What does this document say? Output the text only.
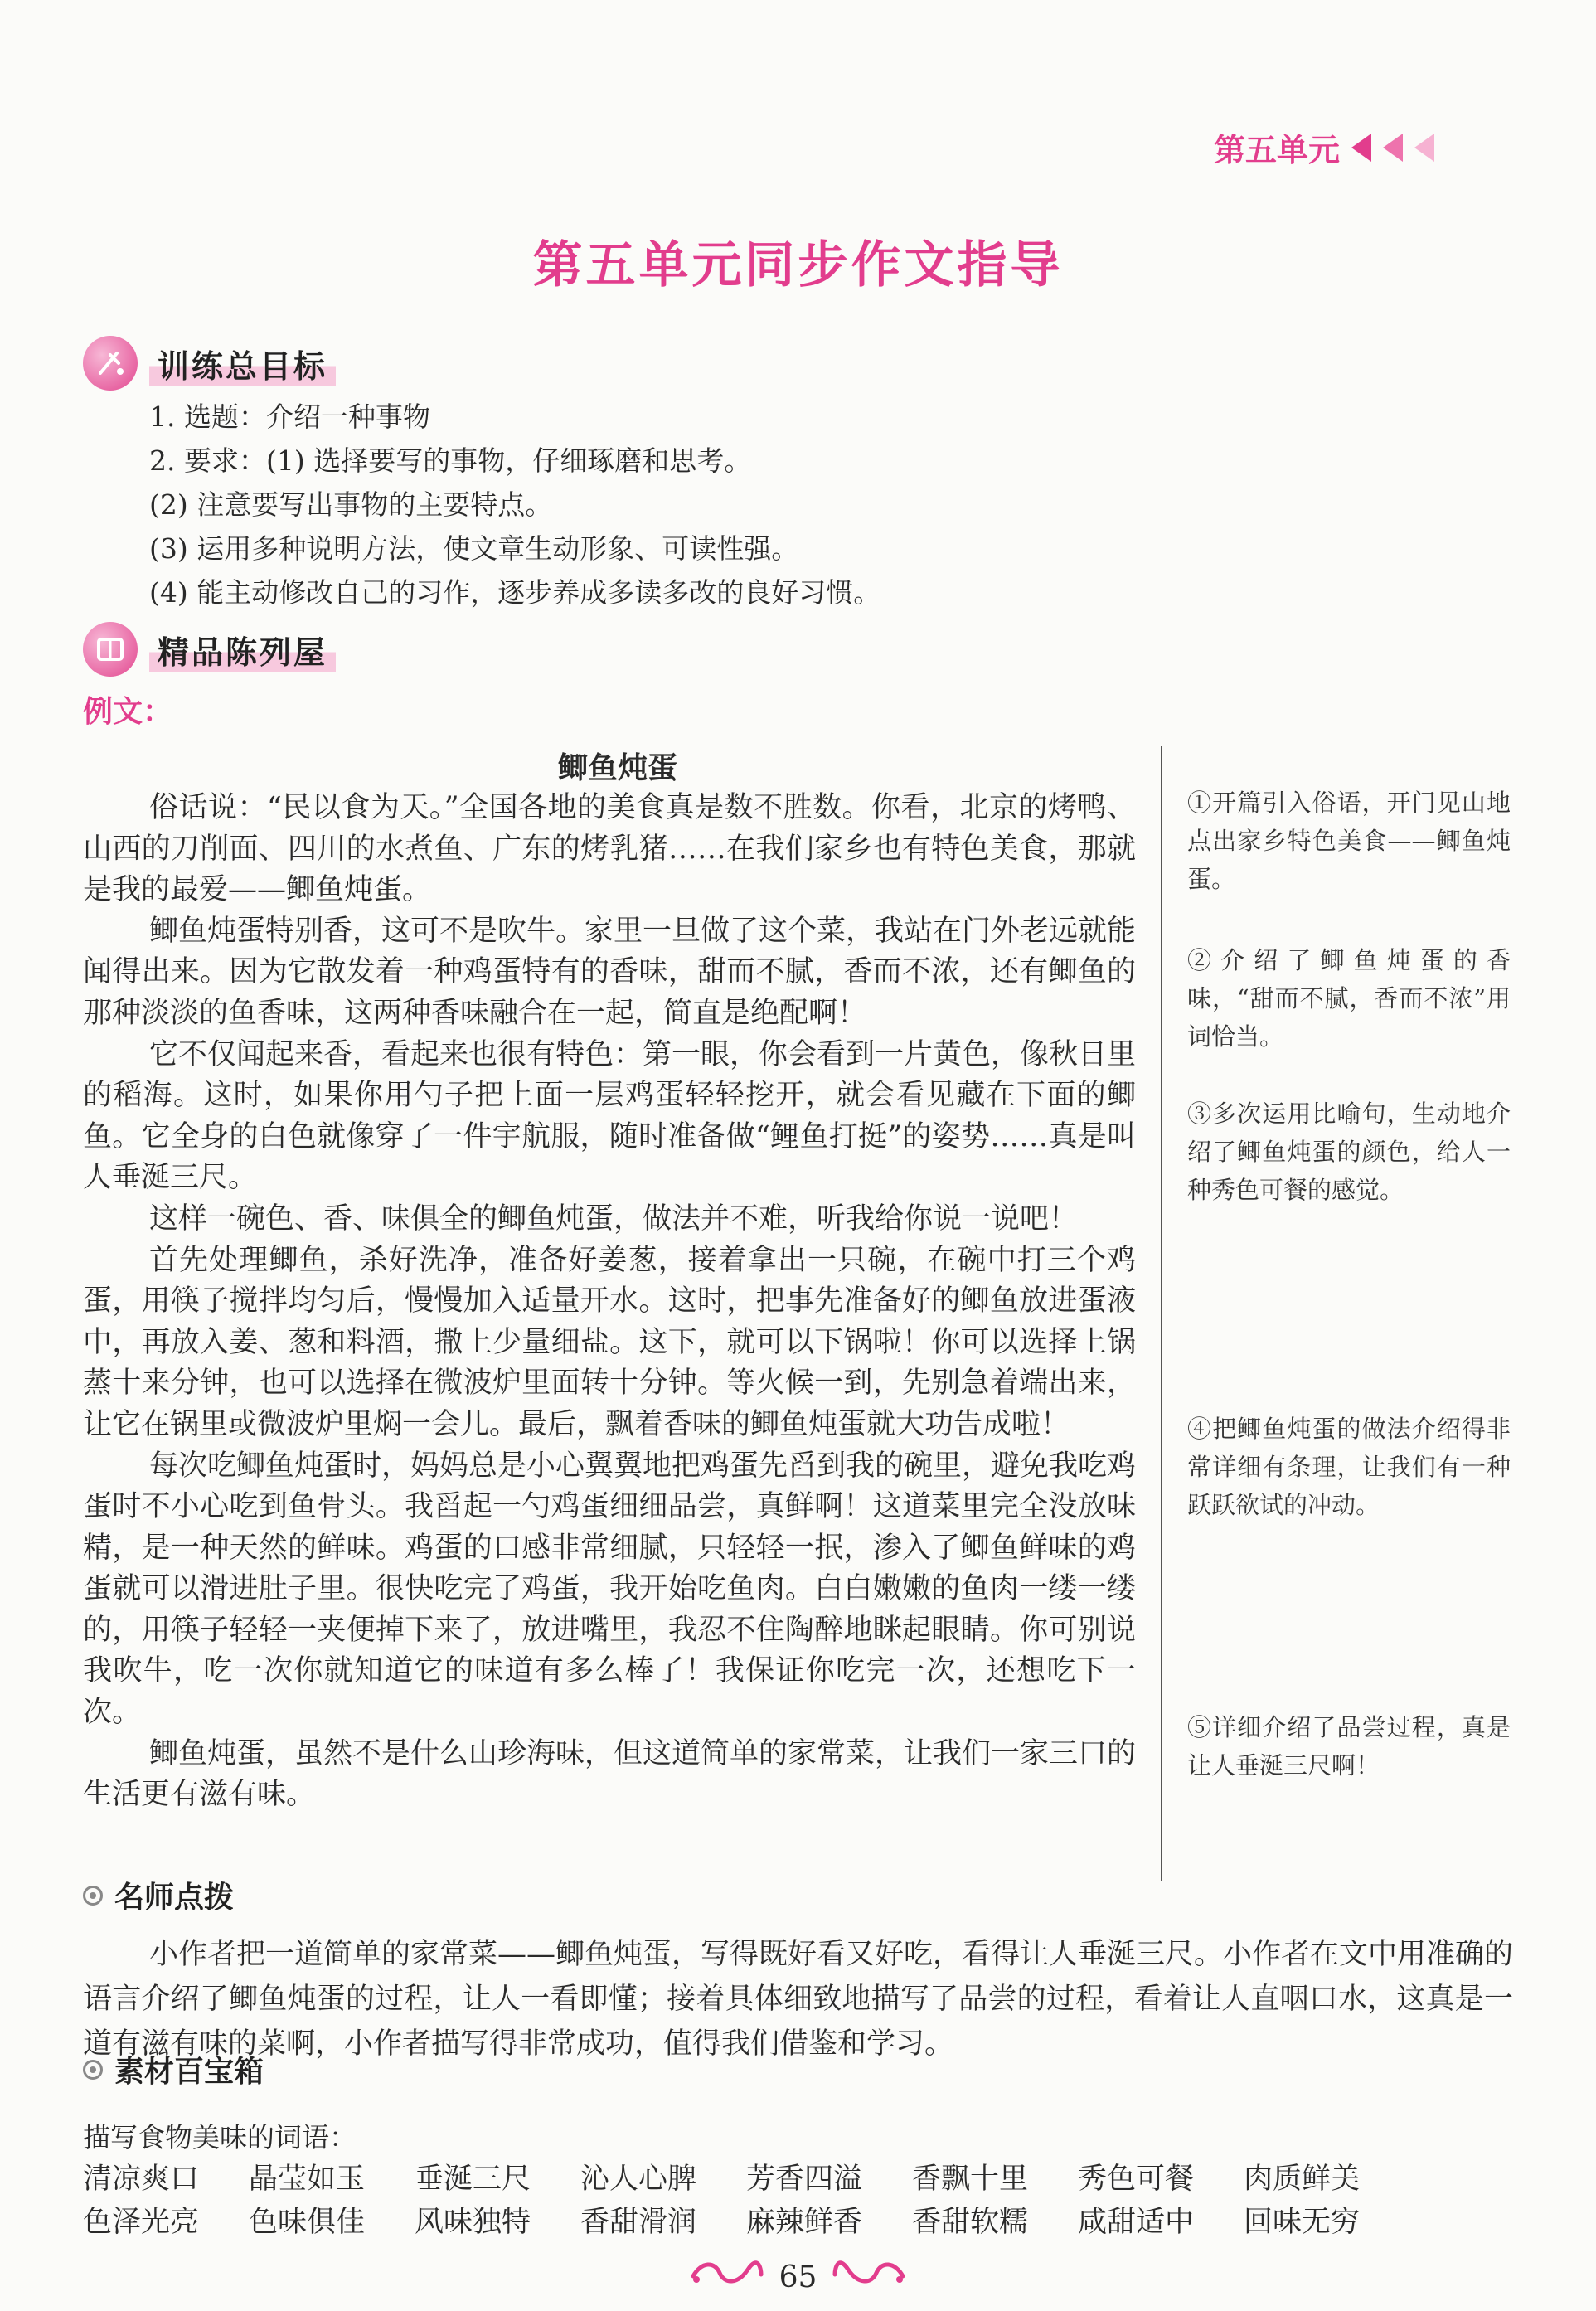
第五单元
第五单元同步作文指导
训练总目标
1. 选题：介绍一种事物
2. 要求：(1) 选择要写的事物，仔细琢磨和思考。
(2) 注意要写出事物的主要特点。
(3) 运用多种说明方法，使文章生动形象、可读性强。
(4) 能主动修改自己的习作，逐步养成多读多改的良好习惯。
精品陈列屋
例文：
鲫鱼炖蛋

俗话说：“民以食为天。”全国各地的美食真是数不胜数。你看，北京的烤鸭、山西的刀削面、四川的水煮鱼、广东的烤乳猪……在我们家乡也有特色美食，那就是我的最爱——鲫鱼炖蛋。

鲫鱼炖蛋特别香，这可不是吹牛。家里一旦做了这个菜，我站在门外老远就能闻得出来。因为它散发着一种鸡蛋特有的香味，甜而不腻，香而不浓，还有鲫鱼的那种淡淡的鱼香味，这两种香味融合在一起，简直是绝配啊！

它不仅闻起来香，看起来也很有特色：第一眼，你会看到一片黄色，像秋日里的稻海。这时，如果你用勺子把上面一层鸡蛋轻轻挖开，就会看见藏在下面的鲫鱼。它全身的白色就像穿了一件宇航服，随时准备做“鲤鱼打挺”的姿势……真是叫人垂涎三尺。

这样一碗色、香、味俱全的鲫鱼炖蛋，做法并不难，听我给你说一说吧！

首先处理鲫鱼，杀好洗净，准备好姜葱，接着拿出一只碗，在碗中打三个鸡蛋，用筷子搅拌均匀后，慢慢加入适量开水。这时，把事先准备好的鲫鱼放进蛋液中，再放入姜、葱和料酒，撒上少量细盐。这下，就可以下锅啦！你可以选择上锅蒸十来分钟，也可以选择在微波炉里面转十分钟。等火候一到，先别急着端出来，让它在锅里或微波炉里焖一会儿。最后，飘着香味的鲫鱼炖蛋就大功告成啦！

每次吃鲫鱼炖蛋时，妈妈总是小心翼翼地把鸡蛋先舀到我的碗里，避免我吃鸡蛋时不小心吃到鱼骨头。我舀起一勺鸡蛋细细品尝，真鲜啊！这道菜里完全没放味精，是一种天然的鲜味。鸡蛋的口感非常细腻，只轻轻一抿，渗入了鲫鱼鲜味的鸡蛋就可以滑进肚子里。很快吃完了鸡蛋，我开始吃鱼肉。白白嫩嫩的鱼肉一缕一缕的，用筷子轻轻一夹便掉下来了，放进嘴里，我忍不住陶醉地眯起眼睛。你可别说我吹牛，吃一次你就知道它的味道有多么棒了！我保证你吃完一次，还想吃下一次。

鲫鱼炖蛋，虽然不是什么山珍海味，但这道简单的家常菜，让我们一家三口的生活更有滋有味。

①开篇引入俗语，开门见山地点出家乡特色美食——鲫鱼炖蛋。
②介绍了鲫鱼炖蛋的香味，“甜而不腻，香而不浓”用词恰当。
③多次运用比喻句，生动地介绍了鲫鱼炖蛋的颜色，给人一种秀色可餐的感觉。
④把鲫鱼炖蛋的做法介绍得非常详细有条理，让我们有一种跃跃欲试的冲动。
⑤详细介绍了品尝过程，真是让人垂涎三尺啊！
名师点拨

小作者把一道简单的家常菜——鲫鱼炖蛋，写得既好看又好吃，看得让人垂涎三尺。小作者在文中用准确的语言介绍了鲫鱼炖蛋的过程，让人一看即懂；接着具体细致地描写了品尝的过程，看着让人直咽口水，这真是一道有滋有味的菜啊，小作者描写得非常成功，值得我们借鉴和学习。

素材百宝箱
描写食物美味的词语：
清凉爽口	晶莹如玉	垂涎三尺	沁人心脾	芳香四溢	香飘十里	秀色可餐	肉质鲜美
色泽光亮	色味俱佳	风味独特	香甜滑润	麻辣鲜香	香甜软糯	咸甜适中	回味无穷
65
